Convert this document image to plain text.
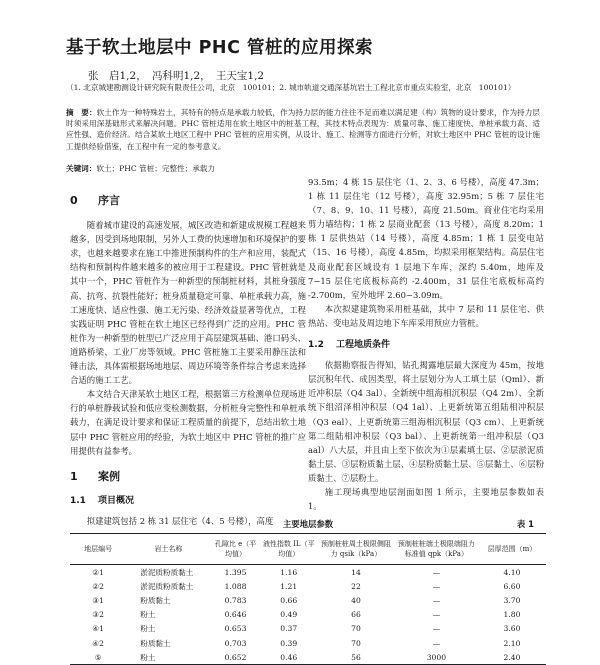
基于软土地层中 PHC 管桩的应用探索
张　启1,2，　冯科明1,2，　王天宝1,2
（1. 北京城建勘测设计研究院有限责任公司，北京　100101；2. 城市轨道交通深基坑岩土工程北京市重点实验室，北京　100101）
摘　要：软土作为一种特殊岩土，其特有的特点是承载力较低，作为持力层的能力往往不足而难以满足建（构）筑物的设计要求，作为持力层时须采用深基础形式来解决问题。PHC 管桩适用在软土地区中的桩基工程，其技术特点表现为：质量可靠、施工速度快、单桩承载力高、适应性强、造价经济。结合某软土地区工程中 PHC 管桩的应用实例，从设计、施工、检测等方面进行分析，对软土地区中 PHC 管桩的设计施工提供经验借鉴，在工程中有一定的参考意义。
关键词：软土；PHC 管桩；完整性；承载力
0 序言

随着城市建设的高速发展，城区改造和新建成规模工程越来越多，因受到场地限制，另外人工费的快速增加和环境保护的要求，也越来越要求在施工中推进预制构件的生产和应用，装配式结构和预制构件越来越多的被应用于工程建设。PHC 管桩就是其中一个，PHC 管桩作为一种新型的预制桩材料，其桩身强度高、抗弯、抗裂性能好；桩身质量稳定可靠、单桩承载力高，施工速度快、适应性强、施工无污染、经济效益显著等优点，工程实践证明 PHC 管桩在软土地区已经得到广泛的应用。PHC 管桩作为一种新型的桩型已广泛应用于高层建筑基础、港口码头、道路桥梁、工业厂房等领域。PHC 管桩施工主要采用静压法和锤击法，具体需根据场地地层、周边环境等条件综合考虑来选择合适的施工工艺。

本文结合天津某软土地区工程，根据第三方检测单位现场进行的单桩静载试验和低应变检测数据，分析桩身完整性和单桩承载力，在满足设计要求和保证工程质量的前提下，总结出软土地层中 PHC 管桩应用的经验，为软土地区中 PHC 管桩的推广应用提供有益参考。

1 案例
1.1 项目概况

拟建建筑包括 2 栋 31 层住宅（4、5 号楼），高度

93.5m；4 栋 15 层住宅（1、2、3、6 号楼），高度 47.3m；1 栋 11 层住宅（12 号楼），高度 32.95m；5 栋 7 层住宅（7、8、9、10、11 号楼），高度 21.50m。商业住宅均采用剪力墙结构；1 栋 2 层商业配套（13 号楼），高度 8.20m；1 栋 1 层供热站（14 号楼），高度 4.85m；1 栋 1 层变电站（15、16 号楼），高度 4.85m，均拟采用框架结构。高层住宅及商业配套区域设有 1 层地下车库，深约 5.40m，地库及 7~15 层住宅底板标高约 -2.400m，31 层住宅底板标高约 -2.700m，室外地坪 2.60~3.09m。

本次拟建建筑物采用桩基础，其中 7 层和 11 层住宅、供热站、变电站及周边地下车库采用预应力管桩。

1.2 工程地质条件

依据勘察报告得知，钻孔揭露地层最大深度为 45m，按地层沉积年代、成因类型，将土层划分为人工填土层（Qml）、新近冲积层（Q4 3al）、全新统中组海相沉积层（Q4 2m）、全新统下组沼泽相冲积层（Q4 1al）、上更新统第五组陆相冲积层（Q3 eal）、上更新统第三组海相沉积层（Q3 cm）、上更新统第二组陆相冲积层（Q3 bal）、上更新统第一组冲积层（Q3 aal）八大层，并且由上至下依次为①层素填土层、②层淤泥质黏土层、③层粉质黏土层、④层粉质黏土层、⑤层黏土、⑥层粉质黏土、⑦层粉土。

施工现场典型地层剖面如图 1 所示，主要地层参数如表 1。

主要地层参数	表 1
地层编号	岩土名称	孔隙比 e（平均值）	液性指数 IL（平均值）	预制桩桩周土极限侧阻力 qsik（kPa）	预制桩桩端土极限端阻力标准值 qpk（kPa）	层厚范围（m）
②1	淤泥质粉质黏土	1.395	1.16	14	—	4.10
②2	淤泥质粉质黏土	1.088	1.21	22	—	6.60
③1	粉质黏土	0.783	0.66	40	—	3.70
③2	粉土	0.646	0.49	66	—	1.80
④1	粉土	0.653	0.37	70	—	3.60
④2	粉质黏土	0.703	0.39	70	—	2.10
⑤	粉土	0.652	0.46	56	3000	2.40
